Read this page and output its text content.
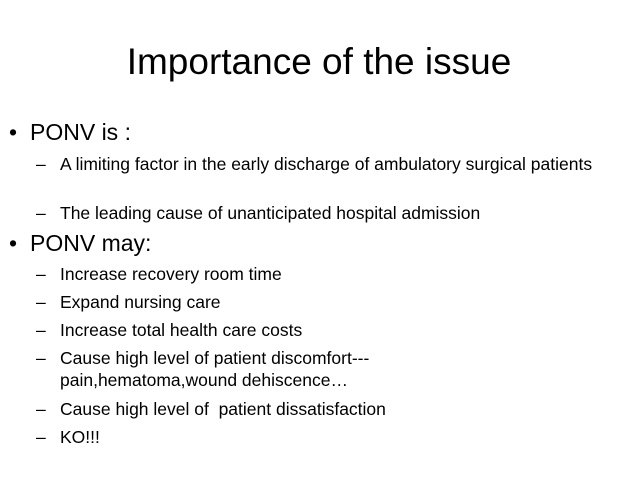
Importance of the issue
• PONV is :
– A limiting factor in the early discharge of ambulatory surgical patients
– The leading cause of unanticipated hospital admission
• PONV may:
– Increase recovery room time
– Expand nursing care
– Increase total health care costs
– Cause high level of patient discomfort---pain,hematoma,wound dehiscence…
– Cause high level of  patient dissatisfaction
– KO!!!
